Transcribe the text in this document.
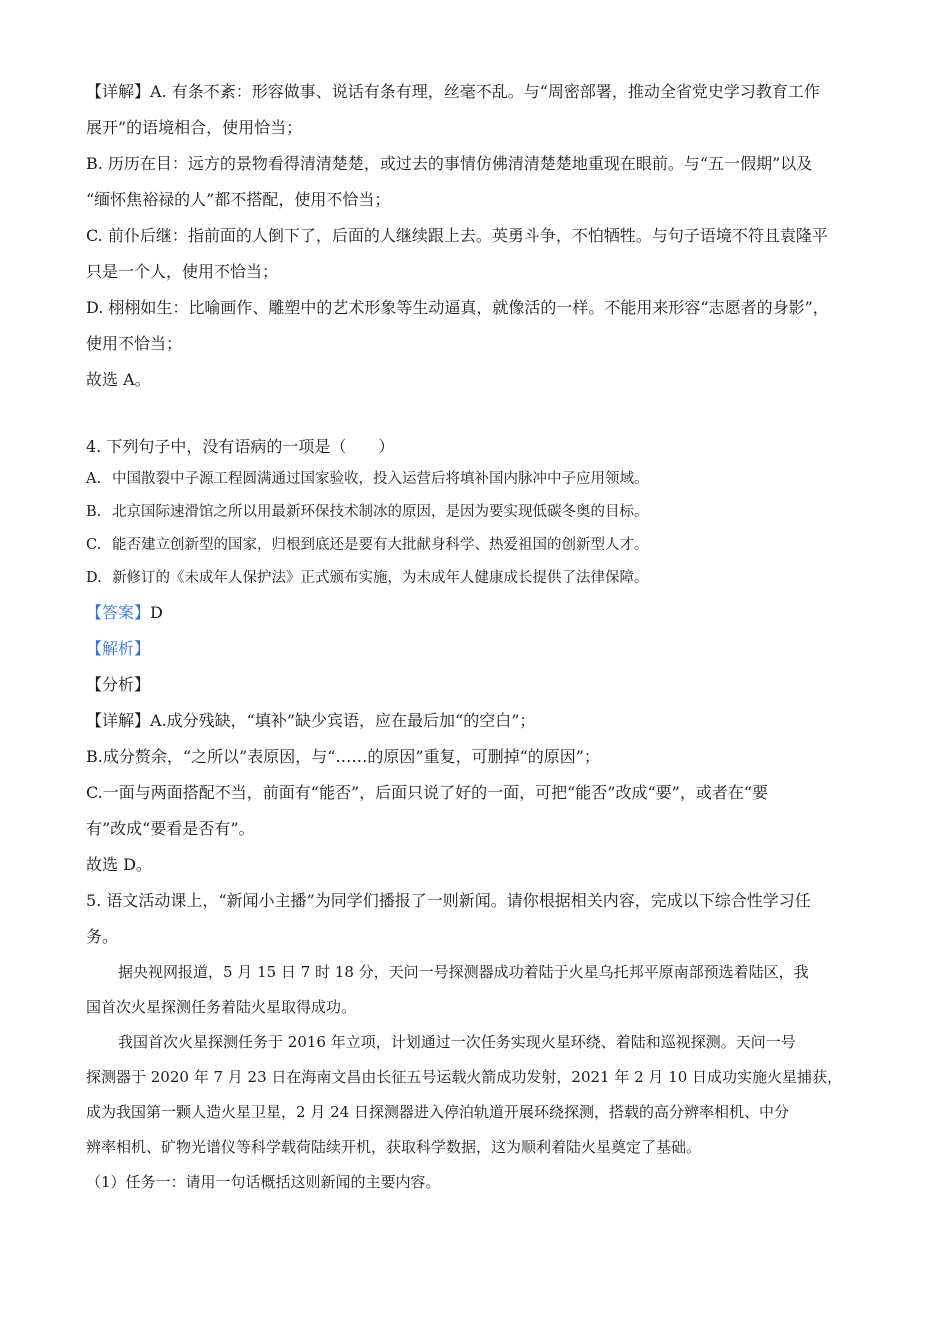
【详解】A. 有条不紊：形容做事、说话有条有理，丝毫不乱。与“周密部署，推动全省党史学习教育工作

展开”的语境相合，使用恰当；

B. 历历在目：远方的景物看得清清楚楚，或过去的事情仿佛清清楚楚地重现在眼前。与“五一假期”以及

“缅怀焦裕禄的人”都不搭配，使用不恰当；

C. 前仆后继：指前面的人倒下了，后面的人继续跟上去。英勇斗争，不怕牺牲。与句子语境不符且袁隆平

只是一个人，使用不恰当；

D. 栩栩如生：比喻画作、雕塑中的艺术形象等生动逼真，就像活的一样。不能用来形容“志愿者的身影”，

使用不恰当；

故选 A。

4. 下列句子中，没有语病的一项是（　　）

A. 中国散裂中子源工程圆满通过国家验收，投入运营后将填补国内脉冲中子应用领域。

B. 北京国际速滑馆之所以用最新环保技术制冰的原因，是因为要实现低碳冬奥的目标。

C. 能否建立创新型的国家，归根到底还是要有大批献身科学、热爱祖国的创新型人才。

D. 新修订的《未成年人保护法》正式颁布实施，为未成年人健康成长提供了法律保障。

【答案】D

【解析】

【分析】

【详解】A.成分残缺，“填补”缺少宾语，应在最后加“的空白”；

B.成分赘余，“之所以”表原因，与“……的原因”重复，可删掉“的原因”；

C.一面与两面搭配不当，前面有“能否”，后面只说了好的一面，可把“能否”改成“要”，或者在“要

有”改成“要看是否有”。

故选 D。

5. 语文活动课上，“新闻小主播”为同学们播报了一则新闻。请你根据相关内容，完成以下综合性学习任

务。

据央视网报道，5 月 15 日 7 时 18 分，天问一号探测器成功着陆于火星乌托邦平原南部预选着陆区，我

国首次火星探测任务着陆火星取得成功。

我国首次火星探测任务于 2016 年立项，计划通过一次任务实现火星环绕、着陆和巡视探测。天问一号

探测器于 2020 年 7 月 23 日在海南文昌由长征五号运载火箭成功发射，2021 年 2 月 10 日成功实施火星捕获，

成为我国第一颗人造火星卫星，2 月 24 日探测器进入停泊轨道开展环绕探测，搭载的高分辨率相机、中分

辨率相机、矿物光谱仪等科学载荷陆续开机，获取科学数据，这为顺利着陆火星奠定了基础。

（1）任务一：请用一句话概括这则新闻的主要内容。
